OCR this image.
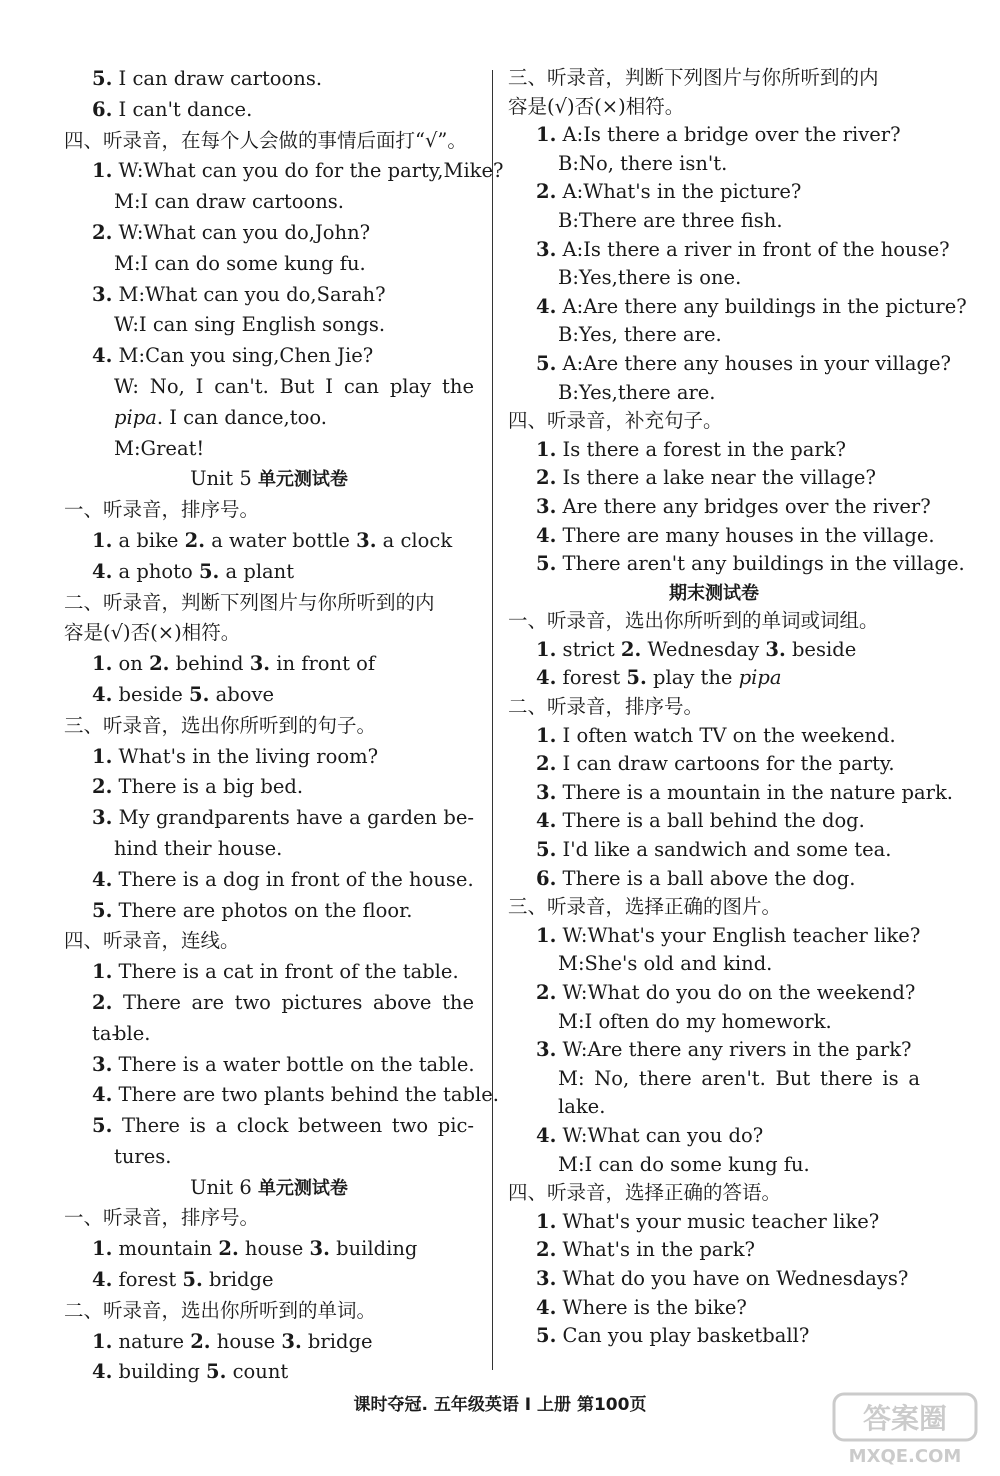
5. I can draw cartoons.
6. I can't dance.
四、听录音，在每个人会做的事情后面打“√”。
1. W:What can you do for the party,Mike?
M:I can draw cartoons.
2. W:What can you do,John?
M:I can do some kung fu.
3. M:What can you do,Sarah?
W:I can sing English songs.
4. M:Can you sing,Chen Jie?
W: No, I can't. But I can play the
pipa. I can dance,too.
M:Great!
Unit 5 单元测试卷
一、听录音，排序号。
1. a bike 2. a water bottle 3. a clock
4. a photo 5. a plant
二、听录音，判断下列图片与你所听到的内
容是(√)否(×)相符。
1. on 2. behind 3. in front of
4. beside 5. above
三、听录音，选出你所听到的句子。
1. What's in the living room?
2. There is a big bed.
3. My grandparents have a garden be-
hind their house.
4. There is a dog in front of the house.
5. There are photos on the floor.
四、听录音，连线。
1. There is a cat in front of the table.
2. There are two pictures above the ta-
ble.
3. There is a water bottle on the table.
4. There are two plants behind the table.
5. There is a clock between two pic-
tures.
Unit 6 单元测试卷
一、听录音，排序号。
1. mountain 2. house 3. building
4. forest 5. bridge
二、听录音，选出你所听到的单词。
1. nature 2. house 3. bridge
4. building 5. count
三、听录音，判断下列图片与你所听到的内
容是(√)否(×)相符。
1. A:Is there a bridge over the river?
B:No, there isn't.
2. A:What's in the picture?
B:There are three fish.
3. A:Is there a river in front of the house?
B:Yes,there is one.
4. A:Are there any buildings in the picture?
B:Yes, there are.
5. A:Are there any houses in your village?
B:Yes,there are.
四、听录音，补充句子。
1. Is there a forest in the park?
2. Is there a lake near the village?
3. Are there any bridges over the river?
4. There are many houses in the village.
5. There aren't any buildings in the village.
期末测试卷
一、听录音，选出你所听到的单词或词组。
1. strict 2. Wednesday 3. beside
4. forest 5. play the pipa
二、听录音，排序号。
1. I often watch TV on the weekend.
2. I can draw cartoons for the party.
3. There is a mountain in the nature park.
4. There is a ball behind the dog.
5. I'd like a sandwich and some tea.
6. There is a ball above the dog.
三、听录音，选择正确的图片。
1. W:What's your English teacher like?
M:She's old and kind.
2. W:What do you do on the weekend?
M:I often do my homework.
3. W:Are there any rivers in the park?
M: No, there aren't. But there is a
lake.
4. W:What can you do?
M:I can do some kung fu.
四、听录音，选择正确的答语。
1. What's your music teacher like?
2. What's in the park?
3. What do you have on Wednesdays?
4. Where is the bike?
5. Can you play basketball?
课时夺冠. 五年级英语 I 上册 第100页	答案圈
MXQE.COM
